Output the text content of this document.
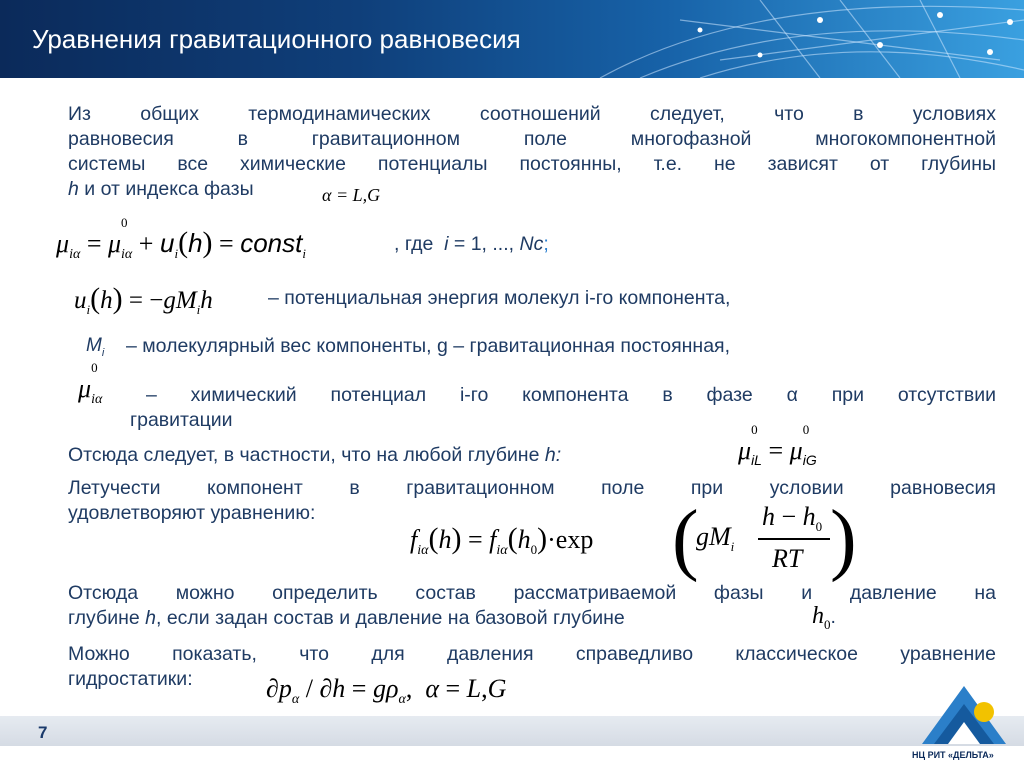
Уравнения гравитационного равновесия
Из общих термодинамических соотношений следует, что в условиях
равновесия в гравитационном поле многофазной многокомпонентной
системы все химические потенциалы постоянны, т.е. не зависят от глубины
h и от индекса фазы	α = L,G
$\mu_{i\alpha} = \mu$
0
$_{i\alpha} + u_i(h)$ = const$_i$	, где i = 1, ..., Nc;
$u_i(h) = -gM_ih$	– потенциальная энергия молекул i-го компонента,
$M_i$ – молекулярный вес компоненты, g – гравитационная постоянная,
μ
0
$_{i\alpha}$ – химический потенциал i-го компонента в фазе α при отсутствии
гравитации
Отсюда следует, в частности, что на любой глубине h:	μ
0
$_{iL}$ = μ
0
$_{iG}$
Летучести компонент в гравитационном поле при условии равновесия
удовлетворяют уравнению:
$f_{i\alpha}(h) = f_{i\alpha}(h_0)\cdot\exp$ (
$gM_i$
$h - h_0$
RT )
Отсюда можно определить состав рассматриваемой фазы и давление на
глубине h, если задан состав и давление на базовой глубине	$h_0$.
Можно показать, что для давления справедливо классическое уравнение
гидростатики:	$\partial p_\alpha / \partial h = g\rho_\alpha$,  α = L,G
7
НЦ РИТ «ДЕЛЬТА»
